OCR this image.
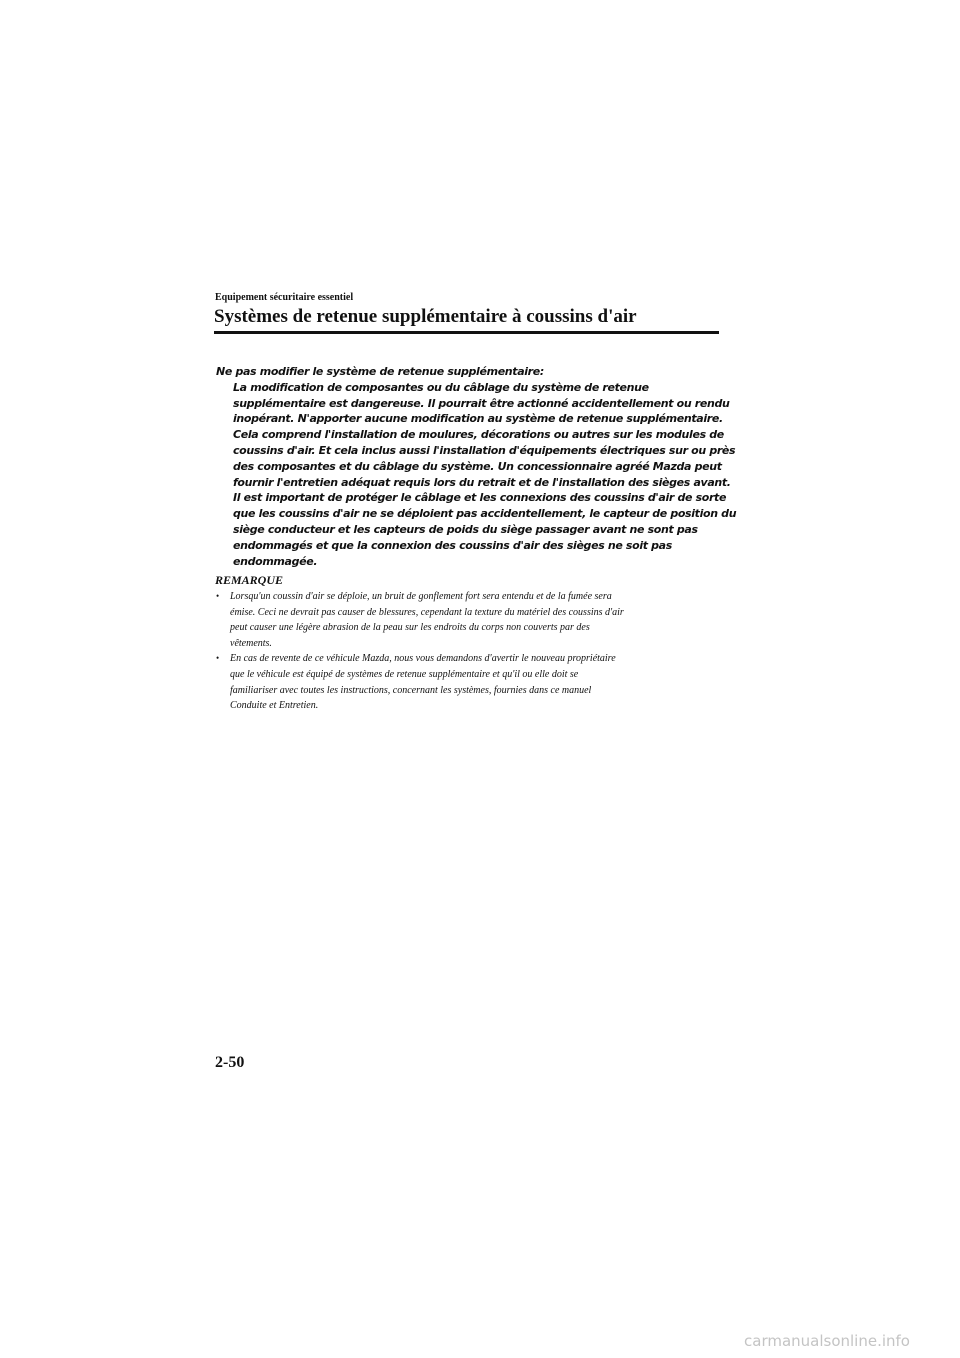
Equipement sécuritaire essentiel
Systèmes de retenue supplémentaire à coussins d'air
Ne pas modifier le système de retenue supplémentaire:
La modification de composantes ou du câblage du système de retenue
supplémentaire est dangereuse. Il pourrait être actionné accidentellement ou rendu
inopérant. N'apporter aucune modification au système de retenue supplémentaire.
Cela comprend l'installation de moulures, décorations ou autres sur les modules de
coussins d'air. Et cela inclus aussi l'installation d'équipements électriques sur ou près
des composantes et du câblage du système. Un concessionnaire agréé Mazda peut
fournir l'entretien adéquat requis lors du retrait et de l'installation des sièges avant.
Il est important de protéger le câblage et les connexions des coussins d'air de sorte
que les coussins d'air ne se déploient pas accidentellement, le capteur de position du
siège conducteur et les capteurs de poids du siège passager avant ne sont pas
endommagés et que la connexion des coussins d'air des sièges ne soit pas
endommagée.
REMARQUE
• Lorsqu'un coussin d'air se déploie, un bruit de gonflement fort sera entendu et de la fumée sera
émise. Ceci ne devrait pas causer de blessures, cependant la texture du matériel des coussins d'air
peut causer une légère abrasion de la peau sur les endroits du corps non couverts par des
vêtements.
• En cas de revente de ce véhicule Mazda, nous vous demandons d'avertir le nouveau propriétaire
que le véhicule est équipé de systèmes de retenue supplémentaire et qu'il ou elle doit se
familiariser avec toutes les instructions, concernant les systèmes, fournies dans ce manuel
Conduite et Entretien.
2-50
carmanualsonline.info
